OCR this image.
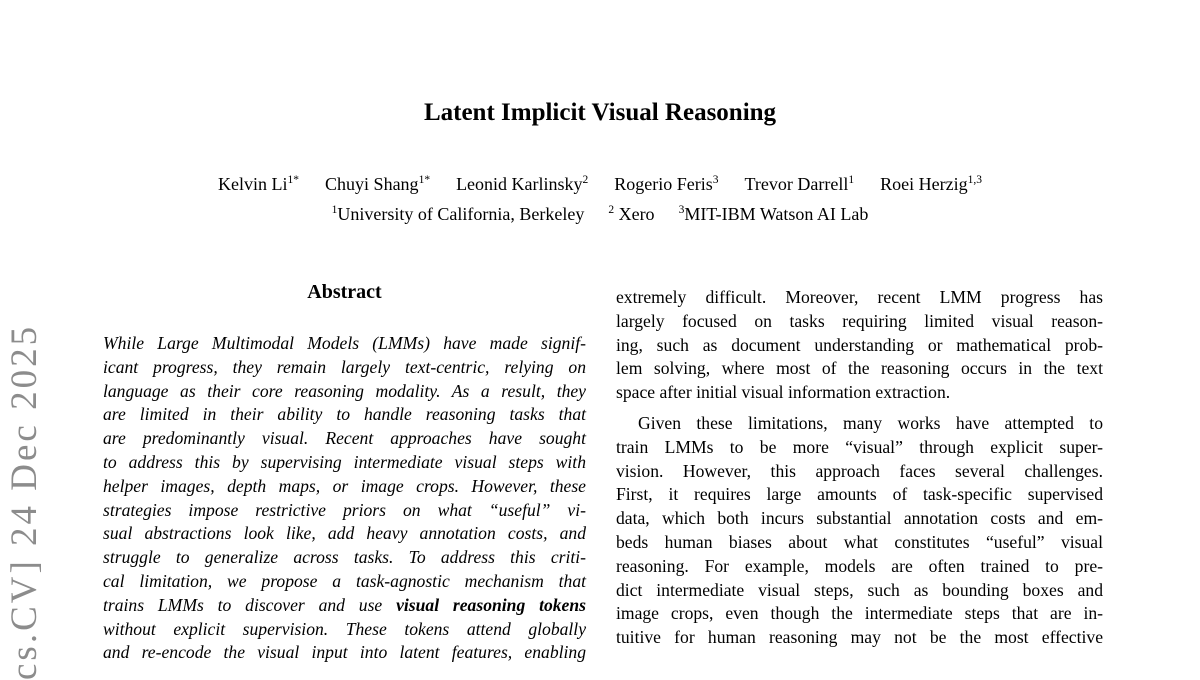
cs.CV] 24 Dec 2025
Latent Implicit Visual Reasoning
Kelvin $Li^{1*}$ Chuyi Shang$^{1*}$ Leonid Karlinsky$^2$ Rogerio Feris$^3$ Trevor Darrell$^1$ Roei Herzig$^{1,3}$
$^1$University of California, Berkeley $^2$ Xero $^3$MIT-IBM Watson AI Lab
Abstract
While Large Multimodal Models (LMMs) have made signif-
icant progress, they remain largely text-centric, relying on
language as their core reasoning modality. As a result, they
are limited in their ability to handle reasoning tasks that
are predominantly visual. Recent approaches have sought
to address this by supervising intermediate visual steps with
helper images, depth maps, or image crops. However, these
strategies impose restrictive priors on what “useful” vi-
sual abstractions look like, add heavy annotation costs, and
struggle to generalize across tasks. To address this criti-
cal limitation, we propose a task-agnostic mechanism that
trains LMMs to discover and use visual reasoning tokens
without explicit supervision. These tokens attend globally
and re-encode the visual input into latent features, enabling
extremely difficult. Moreover, recent LMM progress has
largely focused on tasks requiring limited visual reason-
ing, such as document understanding or mathematical prob-
lem solving, where most of the reasoning occurs in the text
space after initial visual information extraction.
Given these limitations, many works have attempted to
train LMMs to be more “visual” through explicit super-
vision. However, this approach faces several challenges.
First, it requires large amounts of task-specific supervised
data, which both incurs substantial annotation costs and em-
beds human biases about what constitutes “useful” visual
reasoning. For example, models are often trained to pre-
dict intermediate visual steps, such as bounding boxes and
image crops, even though the intermediate steps that are in-
tuitive for human reasoning may not be the most effective
